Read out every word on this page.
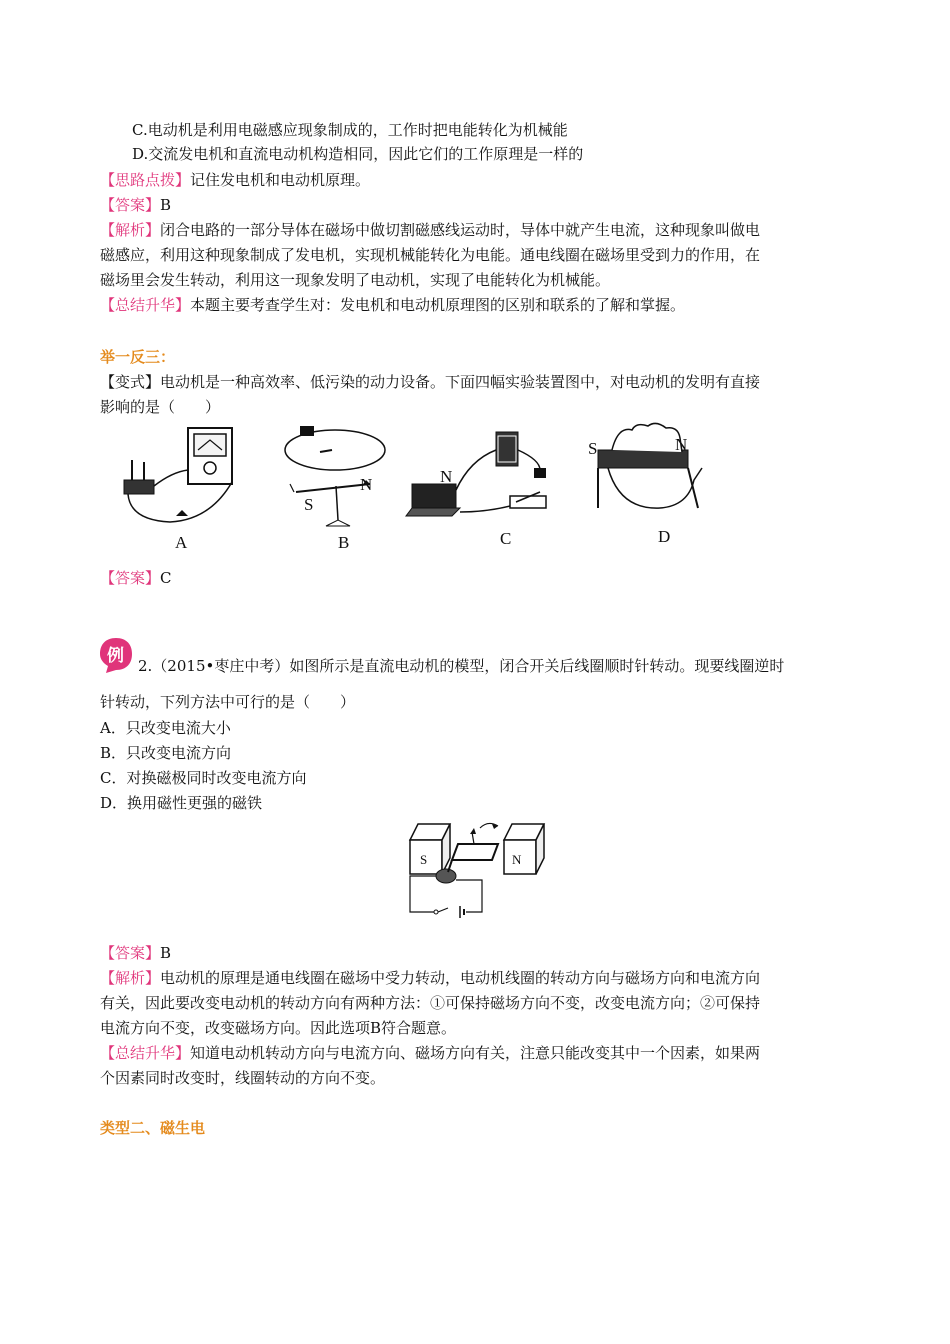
C.电动机是利用电磁感应现象制成的，工作时把电能转化为机械能
D.交流发电机和直流电动机构造相同，因此它们的工作原理是一样的
【思路点拨】记住发电机和电动机原理。
【答案】B
【解析】闭合电路的一部分导体在磁场中做切割磁感线运动时，导体中就产生电流，这种现象叫做电
磁感应，利用这种现象制成了发电机，实现机械能转化为电能。通电线圈在磁场里受到力的作用，在
磁场里会发生转动，利用这一现象发明了电动机，实现了电能转化为机械能。
【总结升华】本题主要考查学生对：发电机和电动机原理图的区别和联系的了解和掌握。
举一反三：
【变式】电动机是一种高效率、低污染的动力设备。下面四幅实验装置图中，对电动机的发明有直接
影响的是（　　）
A
S
N
B
N
C
S	N
D
【答案】C
例 2.（2015•枣庄中考）如图所示是直流电动机的模型，闭合开关后线圈顺时针转动。现要线圈逆时
针转动，下列方法中可行的是（　　）
A．只改变电流大小
B．只改变电流方向
C．对换磁极同时改变电流方向
D．换用磁性更强的磁铁
S	N
【答案】B
【解析】电动机的原理是通电线圈在磁场中受力转动，电动机线圈的转动方向与磁场方向和电流方向
有关，因此要改变电动机的转动方向有两种方法：①可保持磁场方向不变，改变电流方向；②可保持
电流方向不变，改变磁场方向。因此选项B符合题意。
【总结升华】知道电动机转动方向与电流方向、磁场方向有关，注意只能改变其中一个因素，如果两
个因素同时改变时，线圈转动的方向不变。
类型二、磁生电
